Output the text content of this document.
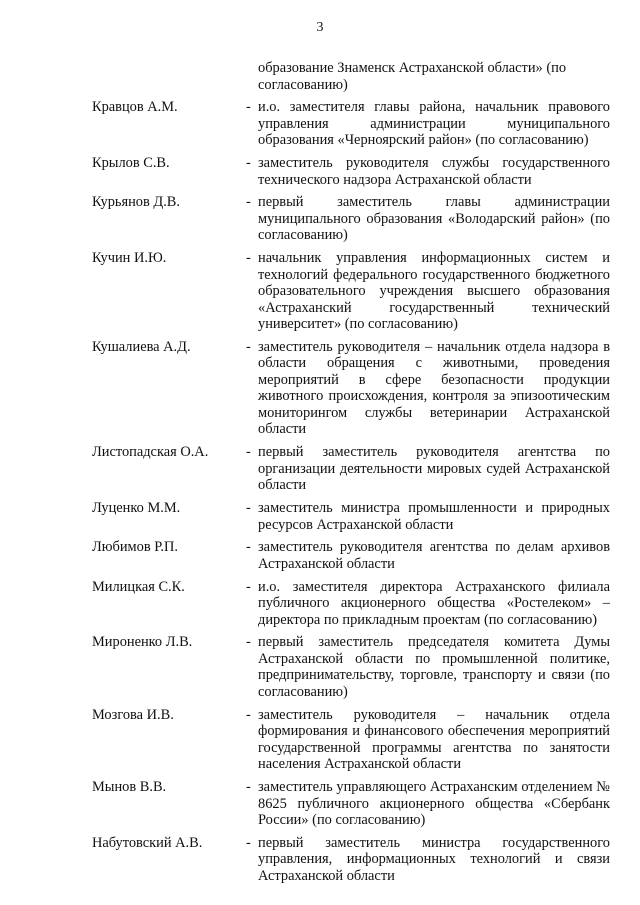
3
образование Знаменск Астраханской области» (по согласованию)
Кравцов А.М.	- и.о. заместителя главы района, начальник правового управления администрации муниципального образования «Черноярский район» (по согласованию)
Крылов С.В.	- заместитель руководителя службы государственного технического надзора Астраханской области
Курьянов Д.В.	- первый заместитель главы администрации муниципального образования «Володарский район» (по согласованию)
Кучин И.Ю.	- начальник управления информационных систем и технологий федерального государственного бюджетного образовательного учреждения высшего образования «Астраханский государственный технический университет» (по согласованию)
Кушалиева А.Д.	- заместитель руководителя – начальник отдела надзора в области обращения с животными, проведения мероприятий в сфере безопасности продукции животного происхождения, контроля за эпизоотическим мониторингом службы ветеринарии Астраханской области
Листопадская О.А.	- первый заместитель руководителя агентства по организации деятельности мировых судей Астраханской области
Луценко М.М.	- заместитель министра промышленности и природных ресурсов Астраханской области
Любимов Р.П.	- заместитель руководителя агентства по делам архивов Астраханской области
Милицкая С.К.	- и.о. заместителя директора Астраханского филиала публичного акционерного общества «Ростелеком» – директора по прикладным проектам (по согласованию)
Мироненко Л.В.	- первый заместитель председателя комитета Думы Астраханской области по промышленной политике, предпринимательству, торговле, транспорту и связи (по согласованию)
Мозгова И.В.	- заместитель руководителя – начальник отдела формирования и финансового обеспечения мероприятий государственной программы агентства по занятости населения Астраханской области
Мынов В.В.	- заместитель управляющего Астраханским отделением № 8625 публичного акционерного общества «Сбербанк России» (по согласованию)
Набутовский А.В.	- первый заместитель министра государственного управления, информационных технологий и связи Астраханской области
